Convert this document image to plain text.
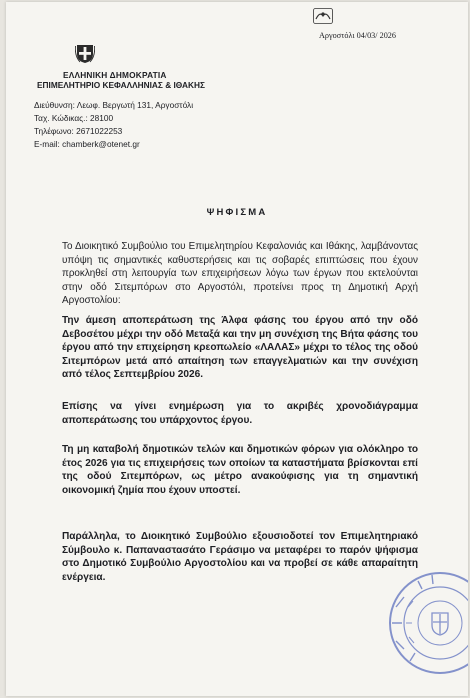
Αργοστόλι 04/03/ 2026
ΕΛΛΗΝΙΚΗ ΔΗΜΟΚΡΑΤΙΑ
ΕΠΙΜΕΛΗΤΗΡΙΟ ΚΕΦΑΛΛΗΝΙΑΣ & ΙΘΑΚΗΣ
Διεύθυνση: Λεωφ. Βεργωτή 131, Αργοστόλι
Ταχ. Κώδικας.: 28100
Τηλέφωνο: 2671022253
E-mail: chamberk@otenet.gr
ΨΗΦΙΣΜΑ
Το Διοικητικό Συμβούλιο του Επιμελητηρίου Κεφαλονιάς και Ιθάκης, λαμβάνοντας υπόψη τις σημαντικές καθυστερήσεις και τις σοβαρές επιπτώσεις που έχουν προκληθεί στη λειτουργία των επιχειρήσεων λόγω των έργων που εκτελούνται στην οδό Σιτεμπόρων στο Αργοστόλι, προτείνει προς τη Δημοτική Αρχή Αργοστολίου:
Την άμεση αποπεράτωση της Άλφα φάσης του έργου από την οδό Δεβοσέτου μέχρι την οδό Μεταξά και την μη συνέχιση της Βήτα φάσης του έργου από την επιχείρηση κρεοπωλείο «ΛΑΛΑΣ» μέχρι το τέλος της οδού Σιτεμπόρων μετά από απαίτηση των επαγγελματιών και την συνέχιση από τέλος Σεπτεμβρίου 2026.
Επίσης να γίνει ενημέρωση για το ακριβές χρονοδιάγραμμα αποπεράτωσης του υπάρχοντος έργου.
Τη μη καταβολή δημοτικών τελών και δημοτικών φόρων για ολόκληρο το έτος 2026 για τις επιχειρήσεις των οποίων τα καταστήματα βρίσκονται επί της οδού Σιτεμπόρων, ως μέτρο ανακούφισης για τη σημαντική οικονομική ζημία που έχουν υποστεί.
Παράλληλα, το Διοικητικό Συμβούλιο εξουσιοδοτεί τον Επιμελητηριακό Σύμβουλο κ. Παπαναστασάτο Γεράσιμο να μεταφέρει το παρόν ψήφισμα στο Δημοτικό Συμβούλιο Αργοστολίου και να προβεί σε κάθε απαραίτητη ενέργεια.
